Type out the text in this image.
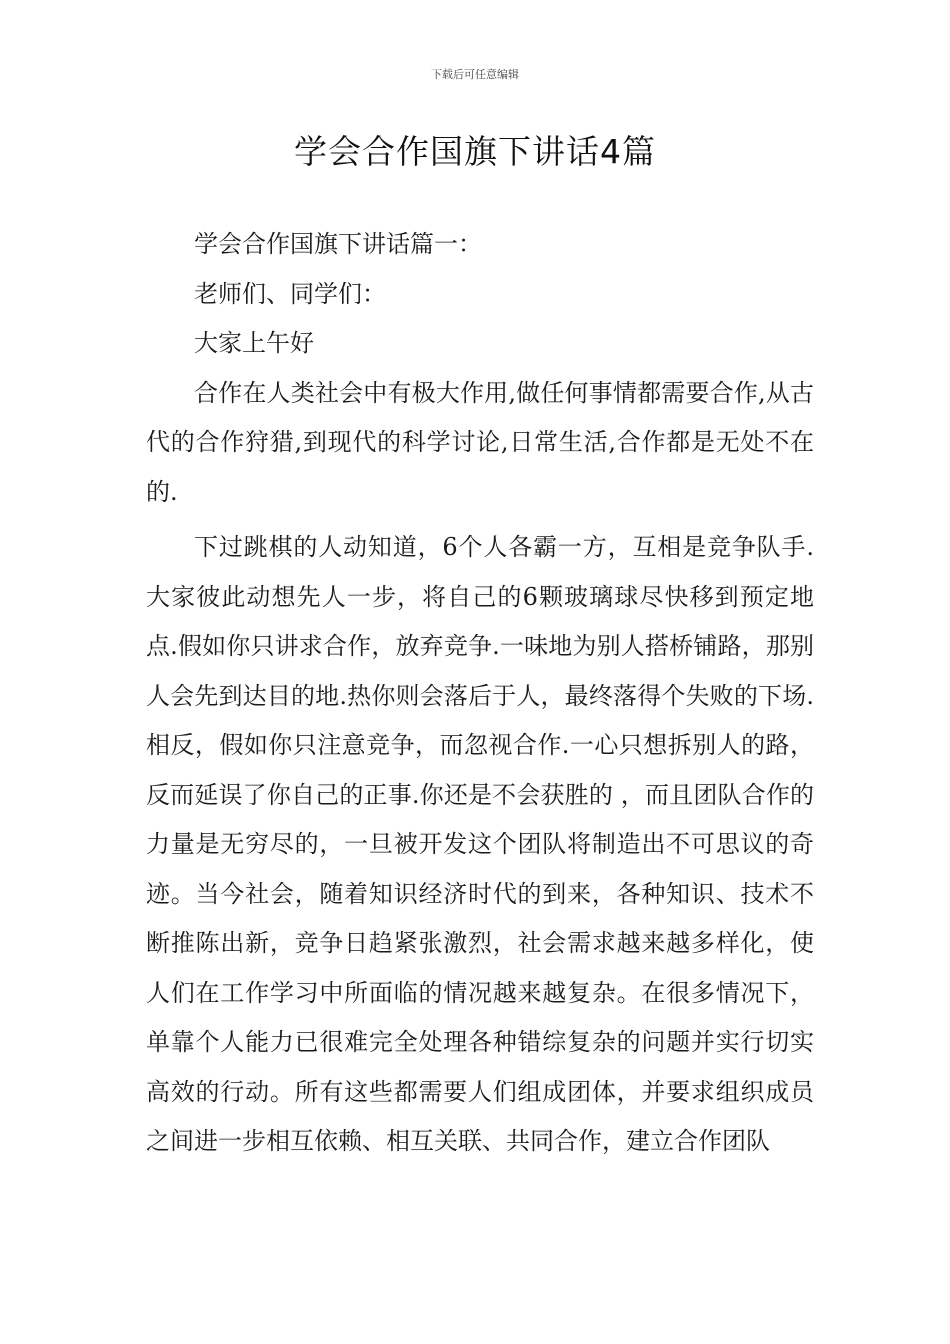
下载后可任意编辑
学会合作国旗下讲话4篇

学会合作国旗下讲话篇一：

老师们、同学们：

大家上午好

合作在人类社会中有极大作用,做任何事情都需要合作,从古代的合作狩猎,到现代的科学讨论,日常生活,合作都是无处不在的.

下过跳棋的人动知道，6个人各霸一方，互相是竞争队手.大家彼此动想先人一步，将自己的6颗玻璃球尽快移到预定地点.假如你只讲求合作，放弃竞争.一味地为别人搭桥铺路，那别人会先到达目的地.热你则会落后于人，最终落得个失败的下场.相反，假如你只注意竞争，而忽视合作.一心只想拆别人的路，反而延误了你自己的正事.你还是不会获胜的 ，而且团队合作的力量是无穷尽的，一旦被开发这个团队将制造出不可思议的奇迹。当今社会，随着知识经济时代的到来，各种知识、技术不断推陈出新，竞争日趋紧张激烈，社会需求越来越多样化，使人们在工作学习中所面临的情况越来越复杂。在很多情况下，单靠个人能力已很难完全处理各种错综复杂的问题并实行切实高效的行动。所有这些都需要人们组成团体，并要求组织成员之间进一步相互依赖、相互关联、共同合作，建立合作团队
